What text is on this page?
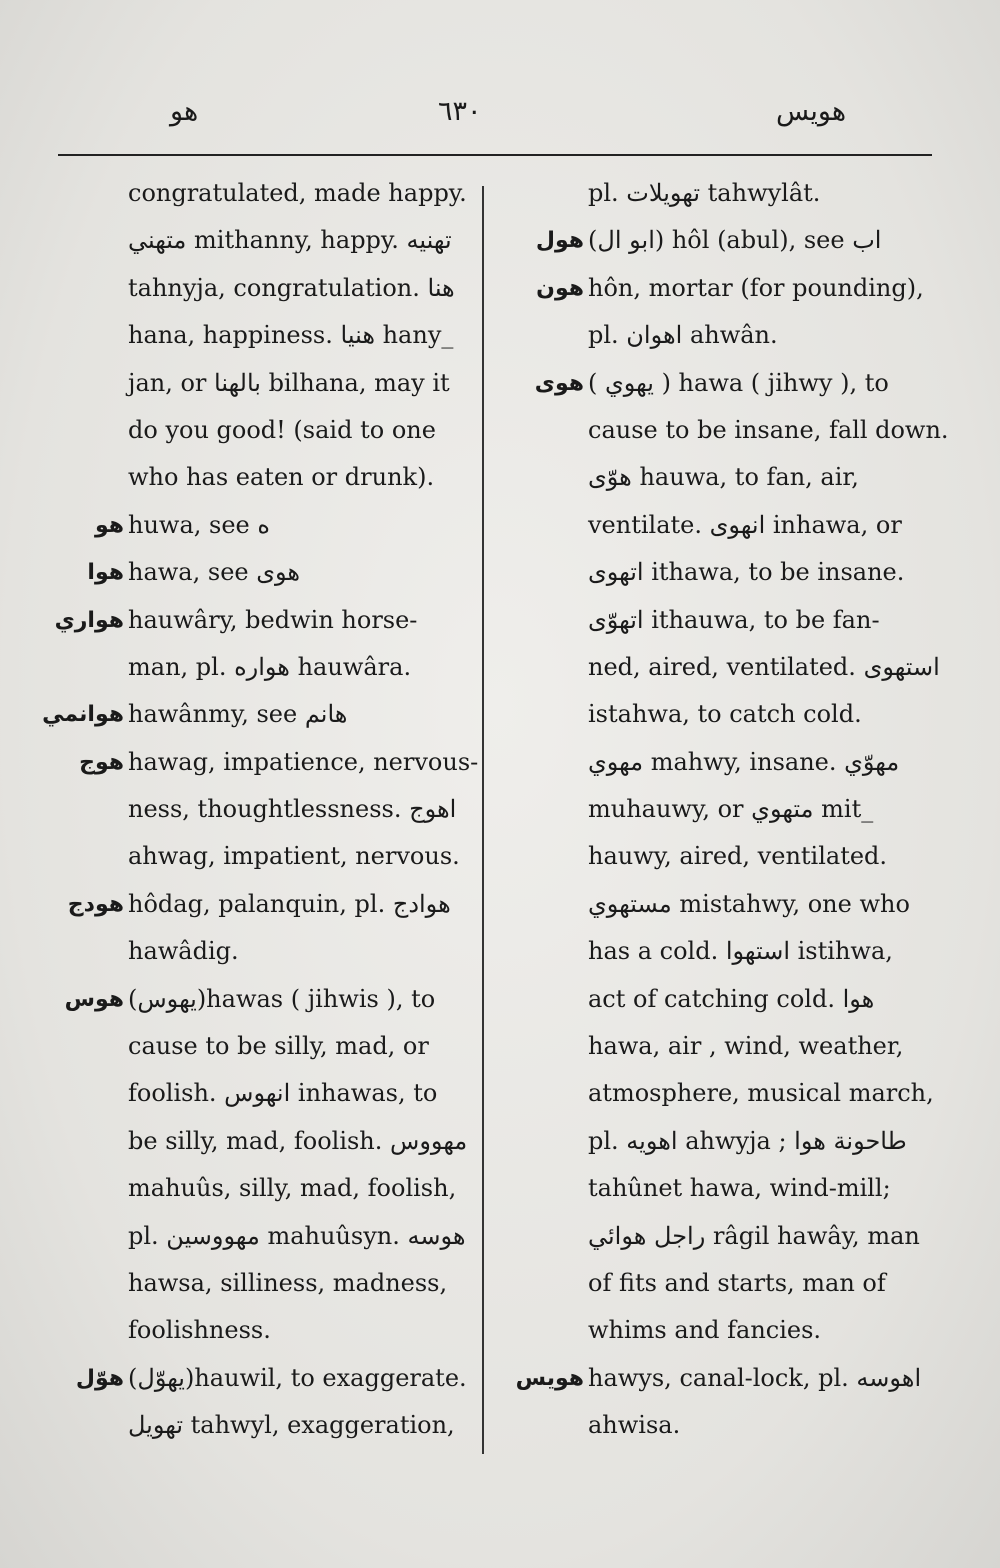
هو	٦٣٠	هويس
congratulated, made happy.
متهني mithanny, happy. تهنيه
tahnyja, congratulation. هنا
hana, happiness. هنيا hany_
jan, or بالهنا bilhana, may it
do you good! (said to one
who has eaten or drunk).
هو huwa, see ه
هوا hawa, see هوى
هواري hauwâry, bedwin horse-
man, pl. هواره hauwâra.
هوانمي hawânmy, see هانم
هوج hawag, impatience, nervous-
ness, thoughtlessness. اهوج
ahwag, impatient, nervous.
هودج hôdag, palanquin, pl. هوادج
hawâdig.
هوس (يهوس)hawas ( jihwis ), to
cause to be silly, mad, or
foolish. انهوس inhawas, to
be silly, mad, foolish. مهووس
mahuûs, silly, mad, foolish,
pl. مهووسين mahuûsyn. هوسه
hawsa, silliness, madness,
foolishness.
هوّل (يهوّل)hauwil, to exaggerate.
تهويل tahwyl, exaggeration,
pl. تهويلات tahwylât.
هول (ابو ال) hôl (abul), see اب
هون hôn, mortar (for pounding),
pl. اهوان ahwân.
هوى ( يهوي ) hawa ( jihwy ), to
cause to be insane, fall down.
هوّى hauwa, to fan, air,
ventilate. انهوى inhawa, or
اتهوى ithawa, to be insane.
اتهوّى ithauwa, to be fan-
ned, aired, ventilated. استهوى
istahwa, to catch cold.
مهوي mahwy, insane. مهوّي
muhauwy, or متهوي mit_
hauwy, aired, ventilated.
مستهوي mistahwy, one who
has a cold. استهوا istihwa,
act of catching cold. هوا
hawa, air , wind, weather,
atmosphere, musical march,
pl. اهويه ahwyja ; طاحونة هوا
tahûnet hawa, wind-mill;
راجل هوائي râgil hawây, man
of fits and starts, man of
whims and fancies.
هويس hawys, canal-lock, pl. اهوسه
ahwisa.
